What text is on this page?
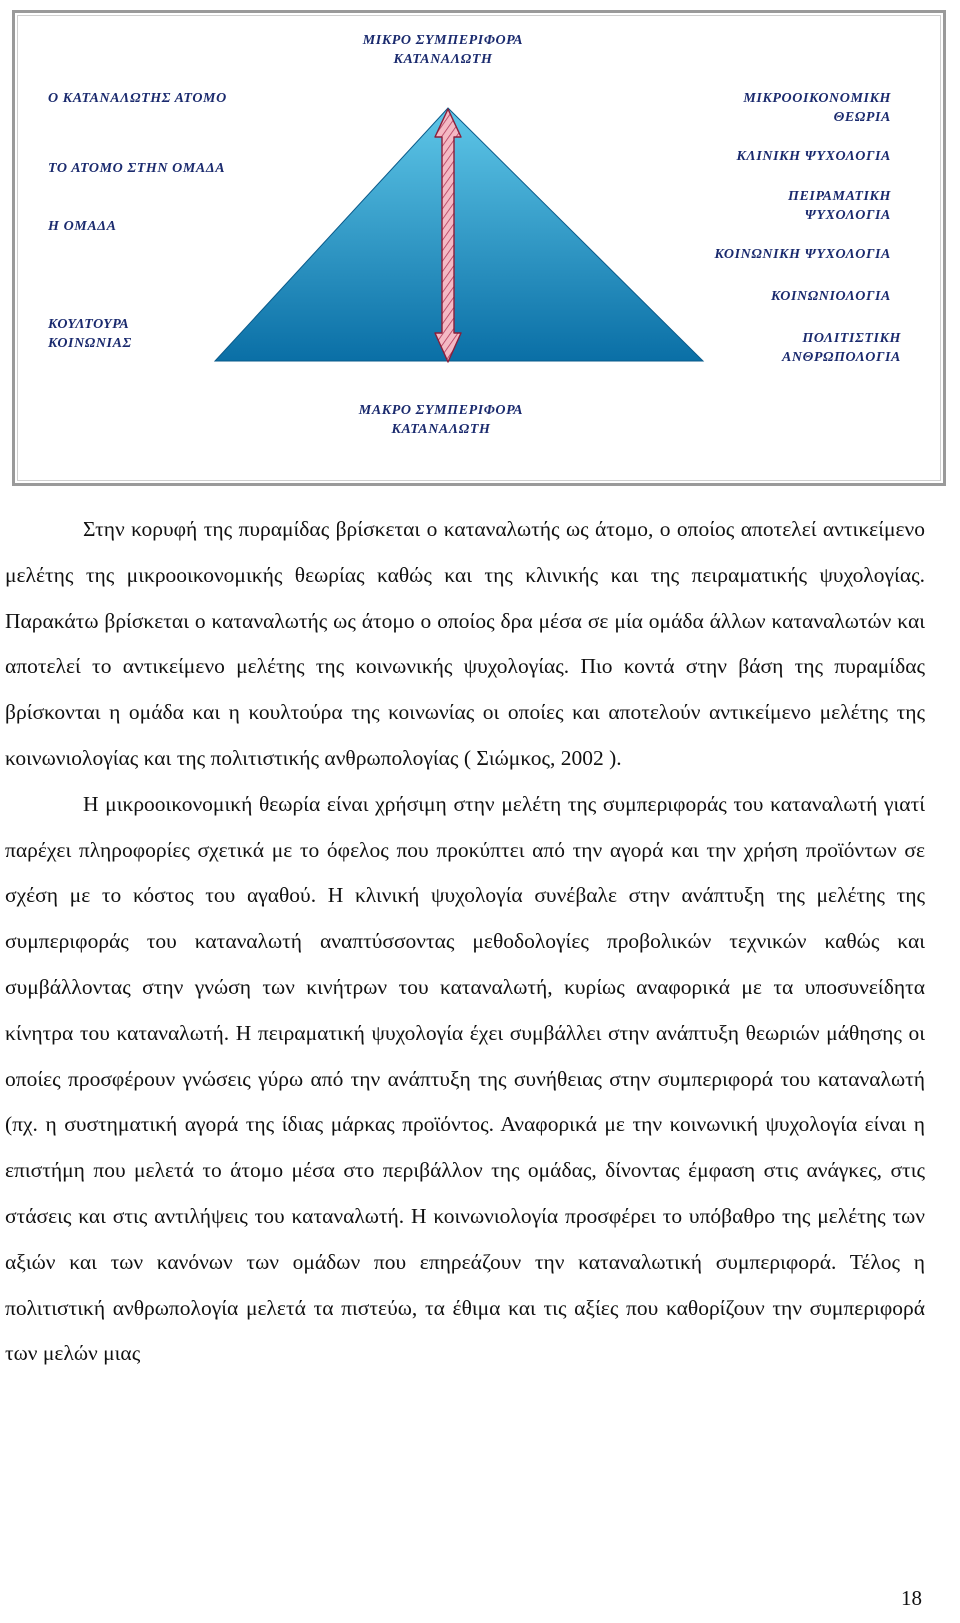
ΜΙΚΡΟ ΣΥΜΠΕΡΙΦΟΡΑ
ΚΑΤΑΝΑΛΩΤΗ
ΜΑΚΡΟ ΣΥΜΠΕΡΙΦΟΡΑ
ΚΑΤΑΝΑΛΩΤΗ
Ο ΚΑΤΑΝΑΛΩΤΗΣ ΑΤΟΜΟ
ΤΟ ΑΤΟΜΟ ΣΤΗΝ ΟΜΑΔΑ
Η ΟΜΑΔΑ
ΚΟΥΛΤΟΥΡΑ
ΚΟΙΝΩΝΙΑΣ
ΜΙΚΡΟΟΙΚΟΝΟΜΙΚΗ
ΘΕΩΡΙΑ
ΚΛΙΝΙΚΗ ΨΥΧΟΛΟΓΙΑ
ΠΕΙΡΑΜΑΤΙΚΗ
ΨΥΧΟΛΟΓΙΑ
ΚΟΙΝΩΝΙΚΗ ΨΥΧΟΛΟΓΙΑ
ΚΟΙΝΩΝΙΟΛΟΓΙΑ
ΠΟΛΙΤΙΣΤΙΚΗ
ΑΝΘΡΩΠΟΛΟΓΙΑ

Στην κορυφή της πυραμίδας βρίσκεται ο καταναλωτής ως άτομο, ο οποίος αποτελεί αντικείμενο μελέτης της μικροοικονομικής θεωρίας καθώς και της κλινικής και της πειραματικής ψυχολογίας. Παρακάτω βρίσκεται ο καταναλωτής ως άτομο ο οποίος δρα μέσα σε μία ομάδα άλλων καταναλωτών και αποτελεί το αντικείμενο μελέτης της κοινωνικής ψυχολογίας. Πιο κοντά στην βάση της πυραμίδας βρίσκονται η ομάδα και η κουλτούρα της κοινωνίας οι οποίες και αποτελούν αντικείμενο μελέτης της κοινωνιολογίας και της πολιτιστικής ανθρωπολογίας ( Σιώμκος, 2002 ).

Η μικροοικονομική θεωρία είναι χρήσιμη στην μελέτη της συμπεριφοράς του καταναλωτή γιατί παρέχει πληροφορίες σχετικά με το όφελος που προκύπτει από την αγορά και την χρήση προϊόντων σε σχέση με το κόστος του αγαθού. Η κλινική ψυχολογία συνέβαλε στην ανάπτυξη της μελέτης της συμπεριφοράς του καταναλωτή αναπτύσσοντας μεθοδολογίες προβολικών τεχνικών καθώς και συμβάλλοντας στην γνώση των κινήτρων του καταναλωτή, κυρίως αναφορικά με τα υποσυνείδητα κίνητρα του καταναλωτή. Η πειραματική ψυχολογία έχει συμβάλλει στην ανάπτυξη θεωριών μάθησης οι οποίες προσφέρουν γνώσεις γύρω από την ανάπτυξη της συνήθειας στην συμπεριφορά του καταναλωτή (πχ. η συστηματική αγορά της ίδιας μάρκας προϊόντος. Αναφορικά με την κοινωνική ψυχολογία είναι η επιστήμη που μελετά το άτομο μέσα στο περιβάλλον της ομάδας, δίνοντας έμφαση στις ανάγκες, στις στάσεις και στις αντιλήψεις του καταναλωτή. Η κοινωνιολογία προσφέρει το υπόβαθρο της μελέτης των αξιών και των κανόνων των ομάδων που επηρεάζουν την καταναλωτική συμπεριφορά. Τέλος η πολιτιστική ανθρωπολογία μελετά τα πιστεύω, τα έθιμα και τις αξίες που καθορίζουν την συμπεριφορά των μελών μιας

18
